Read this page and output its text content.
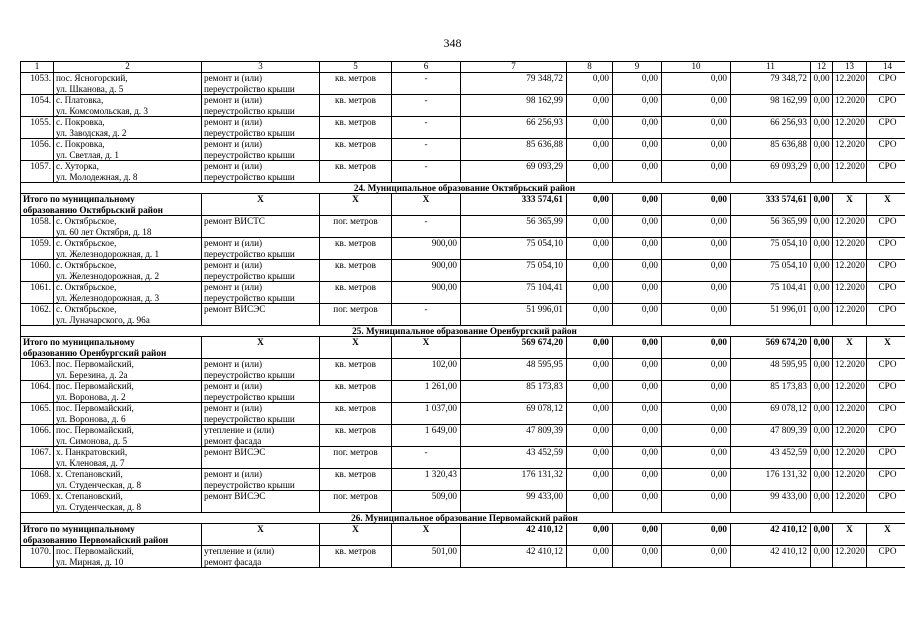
348
1	2	3	5	6	7	8	9	10	11	12	13	14
1053.	пос. Ясногорский,
ул. Шканова, д. 5	ремонт и (или)
переустройство крыши	кв. метров	-	79 348,72	0,00	0,00	0,00	79 348,72	0,00	12.2020	СРО
1054.	с. Платовка,
ул. Комсомольская, д. 3	ремонт и (или)
переустройство крыши	кв. метров	-	98 162,99	0,00	0,00	0,00	98 162,99	0,00	12.2020	СРО
1055.	с. Покровка,
ул. Заводская, д. 2	ремонт и (или)
переустройство крыши	кв. метров	-	66 256,93	0,00	0,00	0,00	66 256,93	0,00	12.2020	СРО
1056.	с. Покровка,
ул. Светлая, д. 1	ремонт и (или)
переустройство крыши	кв. метров	-	85 636,88	0,00	0,00	0,00	85 636,88	0,00	12.2020	СРО
1057.	с. Хуторка,
ул. Молодежная, д. 8	ремонт и (или)
переустройство крыши	кв. метров	-	69 093,29	0,00	0,00	0,00	69 093,29	0,00	12.2020	СРО
24. Муниципальное образование Октябрьский район												

Итого по муниципальному
образованию Октябрьский район		Х	Х	Х	333 574,61	0,00	0,00	0,00	333 574,61	0,00	Х	Х
1058.	с. Октябрьское,
ул. 60 лет Октября, д. 18	ремонт ВИСТС	пог. метров	-	56 365,99	0,00	0,00	0,00	56 365,99	0,00	12.2020	СРО
1059.	с. Октябрьское,
ул. Железнодорожная, д. 1	ремонт и (или)
переустройство крыши	кв. метров	900,00	75 054,10	0,00	0,00	0,00	75 054,10	0,00	12.2020	СРО
1060.	с. Октябрьское,
ул. Железнодорожная, д. 2	ремонт и (или)
переустройство крыши	кв. метров	900,00	75 054,10	0,00	0,00	0,00	75 054,10	0,00	12.2020	СРО
1061.	с. Октябрьское,
ул. Железнодорожная, д. 3	ремонт и (или)
переустройство крыши	кв. метров	900,00	75 104,41	0,00	0,00	0,00	75 104,41	0,00	12.2020	СРО
1062.	с. Октябрьское,
ул. Луначарского, д. 96а	ремонт ВИСЭС	пог. метров	-	51 996,01	0,00	0,00	0,00	51 996,01	0,00	12.2020	СРО
25. Муниципальное образование Оренбургский район												

Итого по муниципальному
образованию Оренбургский район		Х	Х	Х	569 674,20	0,00	0,00	0,00	569 674,20	0,00	Х	Х
1063.	пос. Первомайский,
ул. Березина, д. 2а	ремонт и (или)
переустройство крыши	кв. метров	102,00	48 595,95	0,00	0,00	0,00	48 595,95	0,00	12.2020	СРО
1064.	пос. Первомайский,
ул. Воронова, д. 2	ремонт и (или)
переустройство крыши	кв. метров	1 261,00	85 173,83	0,00	0,00	0,00	85 173,83	0,00	12.2020	СРО
1065.	пос. Первомайский,
ул. Воронова, д. 6	ремонт и (или)
переустройство крыши	кв. метров	1 037,00	69 078,12	0,00	0,00	0,00	69 078,12	0,00	12.2020	СРО
1066.	пос. Первомайский,
ул. Симонова, д. 5	утепление и (или)
ремонт фасада	кв. метров	1 649,00	47 809,39	0,00	0,00	0,00	47 809,39	0,00	12.2020	СРО
1067.	х. Панкратовский,
ул. Кленовая, д. 7	ремонт ВИСЭС	пог. метров	-	43 452,59	0,00	0,00	0,00	43 452,59	0,00	12.2020	СРО
1068.	х. Степановский,
ул. Студенческая, д. 8	ремонт и (или)
переустройство крыши	кв. метров	1 320,43	176 131,32	0,00	0,00	0,00	176 131,32	0,00	12.2020	СРО
1069.	х. Степановский,
ул. Студенческая, д. 8	ремонт ВИСЭС	пог. метров	509,00	99 433,00	0,00	0,00	0,00	99 433,00	0,00	12.2020	СРО
26. Муниципальное образование Первомайский район												

Итого по муниципальному
образованию Первомайский район		Х	Х	Х	42 410,12	0,00	0,00	0,00	42 410,12	0,00	Х	Х
1070.	пос. Первомайский,
ул. Мирная, д. 10	утепление и (или)
ремонт фасада	кв. метров	501,00	42 410,12	0,00	0,00	0,00	42 410,12	0,00	12.2020	СРО
